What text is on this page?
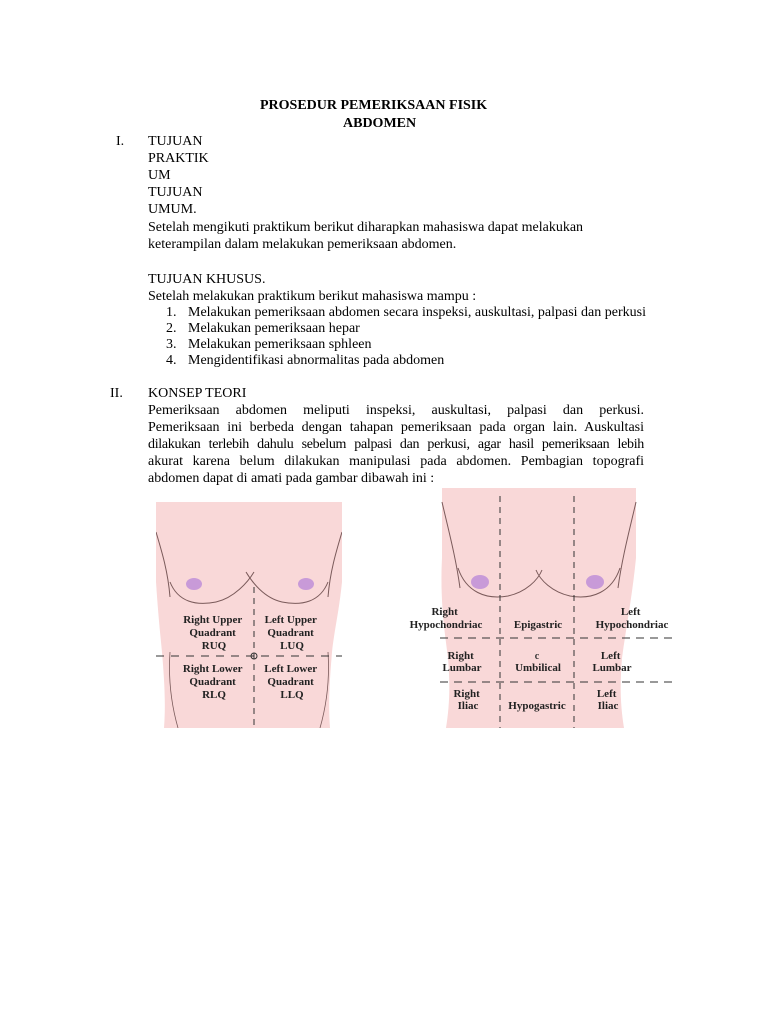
PROSEDUR PEMERIKSAAN FISIK
ABDOMEN
I. TUJUAN
PRAKTIK
UM
TUJUAN
UMUM.
Setelah mengikuti praktikum berikut diharapkan mahasiswa dapat melakukan
keterampilan dalam melakukan pemeriksaan abdomen.
TUJUAN KHUSUS.
Setelah melakukan praktikum berikut mahasiswa mampu :
1. Melakukan pemeriksaan abdomen secara inspeksi, auskultasi, palpasi dan perkusi
2. Melakukan pemeriksaan hepar
3. Melakukan pemeriksaan sphleen
4. Mengidentifikasi abnormalitas pada abdomen
II. KONSEP TEORI
Pemeriksaan abdomen meliputi inspeksi, auskultasi, palpasi dan perkusi.
Pemeriksaan ini berbeda dengan tahapan pemeriksaan pada organ lain. Auskultasi
dilakukan terlebih dahulu sebelum palpasi dan perkusi, agar hasil pemeriksaan lebih
akurat karena belum dilakukan manipulasi pada abdomen. Pembagian topografi
abdomen dapat di amati pada gambar dibawah ini :
Right Upper Quadrant RUQ
Left Upper Quadrant LUQ
Right Lower Quadrant RLQ
Left Lower Quadrant LLQ
c
Right Hypochondriac	Epigastric
Left Hypochondriac
Right Lumbar	Umbilical
Left Lumbar
Right Iliac	Hypogastric
Left Iliac
